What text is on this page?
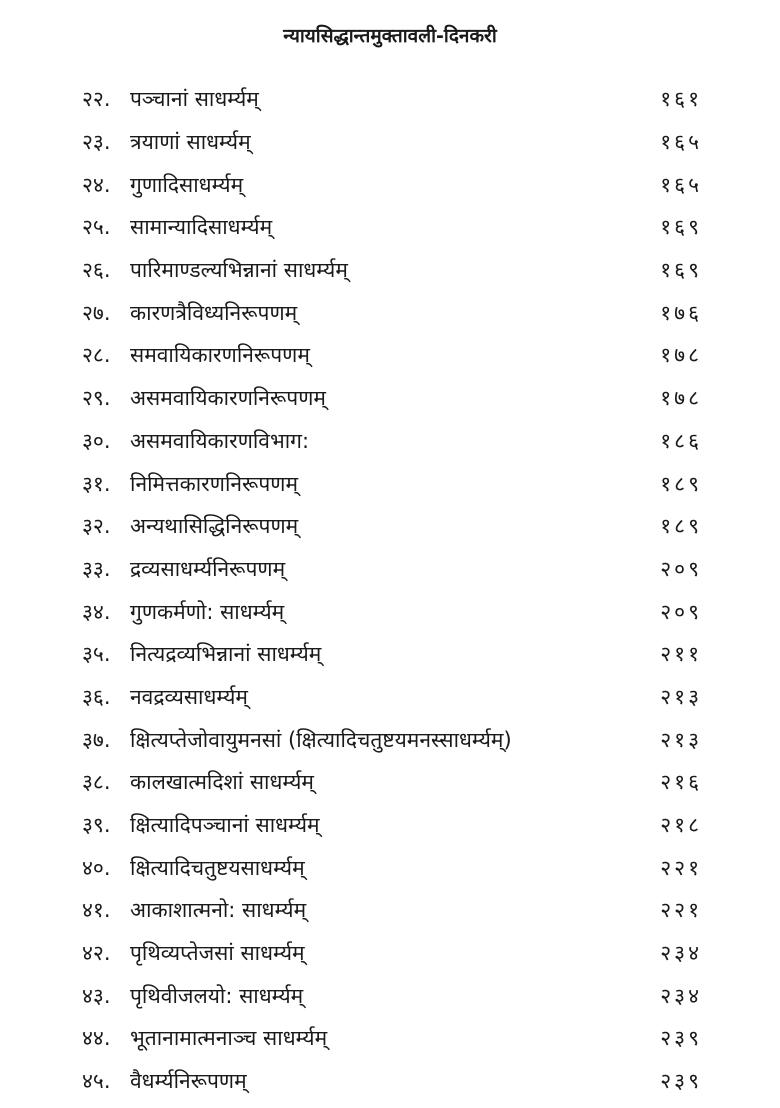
न्यायसिद्धान्तमुक्तावली-दिनकरी
२२. पञ्चानां साधर्म्यम्	१६१
२३. त्रयाणां साधर्म्यम्	१६५
२४. गुणादिसाधर्म्यम्	१६५
२५. सामान्यादिसाधर्म्यम्	१६९
२६. पारिमाण्डल्यभिन्नानां साधर्म्यम्	१६९
२७. कारणत्रैविध्यनिरूपणम्	१७६
२८. समवायिकारणनिरूपणम्	१७८
२९. असमवायिकारणनिरूपणम्	१७८
३०. असमवायिकारणविभाग:	१८६
३१. निमित्तकारणनिरूपणम्	१८९
३२. अन्यथासिद्धिनिरूपणम्	१८९
३३. द्रव्यसाधर्म्यनिरूपणम्	२०९
३४. गुणकर्मणो: साधर्म्यम्	२०९
३५. नित्यद्रव्यभिन्नानां साधर्म्यम्	२११
३६. नवद्रव्यसाधर्म्यम्	२१३
३७. क्षित्यप्तेजोवायुमनसां (क्षित्यादिचतुष्टयमनस्साधर्म्यम्)	२१३
३८. कालखात्मदिशां साधर्म्यम्	२१६
३९. क्षित्यादिपञ्चानां साधर्म्यम्	२१८
४०. क्षित्यादिचतुष्टयसाधर्म्यम्	२२१
४१. आकाशात्मनो: साधर्म्यम्	२२१
४२. पृथिव्यप्तेजसां साधर्म्यम्	२३४
४३. पृथिवीजलयो: साधर्म्यम्	२३४
४४. भूतानामात्मनाञ्च साधर्म्यम्	२३९
४५. वैधर्म्यनिरूपणम्	२३९
